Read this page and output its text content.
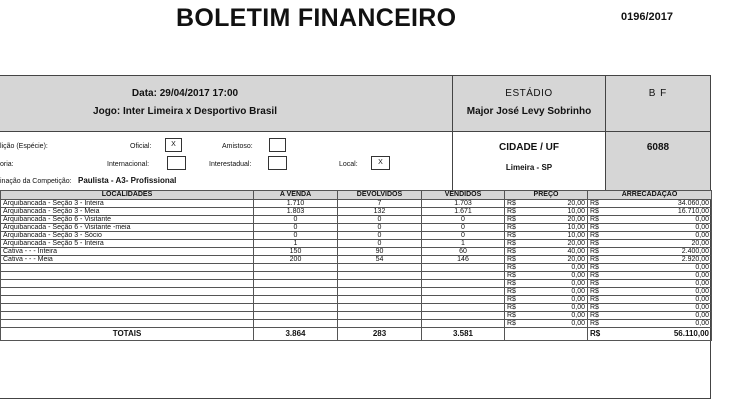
BOLETIM FINANCEIRO	0196/2017
Data: 29/04/2017 17:00
Jogo: Inter Limeira x Desportivo Brasil
ESTÁDIO
Major José Levy Sobrinho
B F
lição (Espécie):	Oficial:	X	Amistoso:
oria:	Internacional:	Interestadual:	Local:	X
inação da Competição: Paulista - A3- Profissional
CIDADE / UF
Limeira - SP
6088
LOCALIDADES	A VENDA	DEVOLVIDOS	VENDIDOS	PREÇO		ARRECADAÇÃO	
Arquibancada - Seção 3 - Inteira	1.710	7	1.703	R$	20,00	R$	34.060,00
Arquibancada - Seção 3 - Meia	1.803	132	1.671	R$	10,00	R$	16.710,00
Arquibancada - Seção 6 - Visitante	0	0	0	R$	20,00	R$	0,00
Arquibancada - Seção 6 - Visitante -meia	0	0	0	R$	10,00	R$	0,00
Arquibancada - Seção 3 - Sócio	0	0	0	R$	10,00	R$	0,00
Arquibancada - Seção 5 - Inteira	1	0	1	R$	20,00	R$	20,00
Cativa - - - Inteira	150	90	60	R$	40,00	R$	2.400,00
Cativa - - - Meia	200	54	146	R$	20,00	R$	2.920,00
				R$	0,00	R$	0,00
				R$	0,00	R$	0,00
				R$	0,00	R$	0,00
				R$	0,00	R$	0,00
				R$	0,00	R$	0,00
				R$	0,00	R$	0,00
				R$	0,00	R$	0,00
				R$	0,00	R$	0,00
TOTAIS	3.864	283	3.581			R$	56.110,00
